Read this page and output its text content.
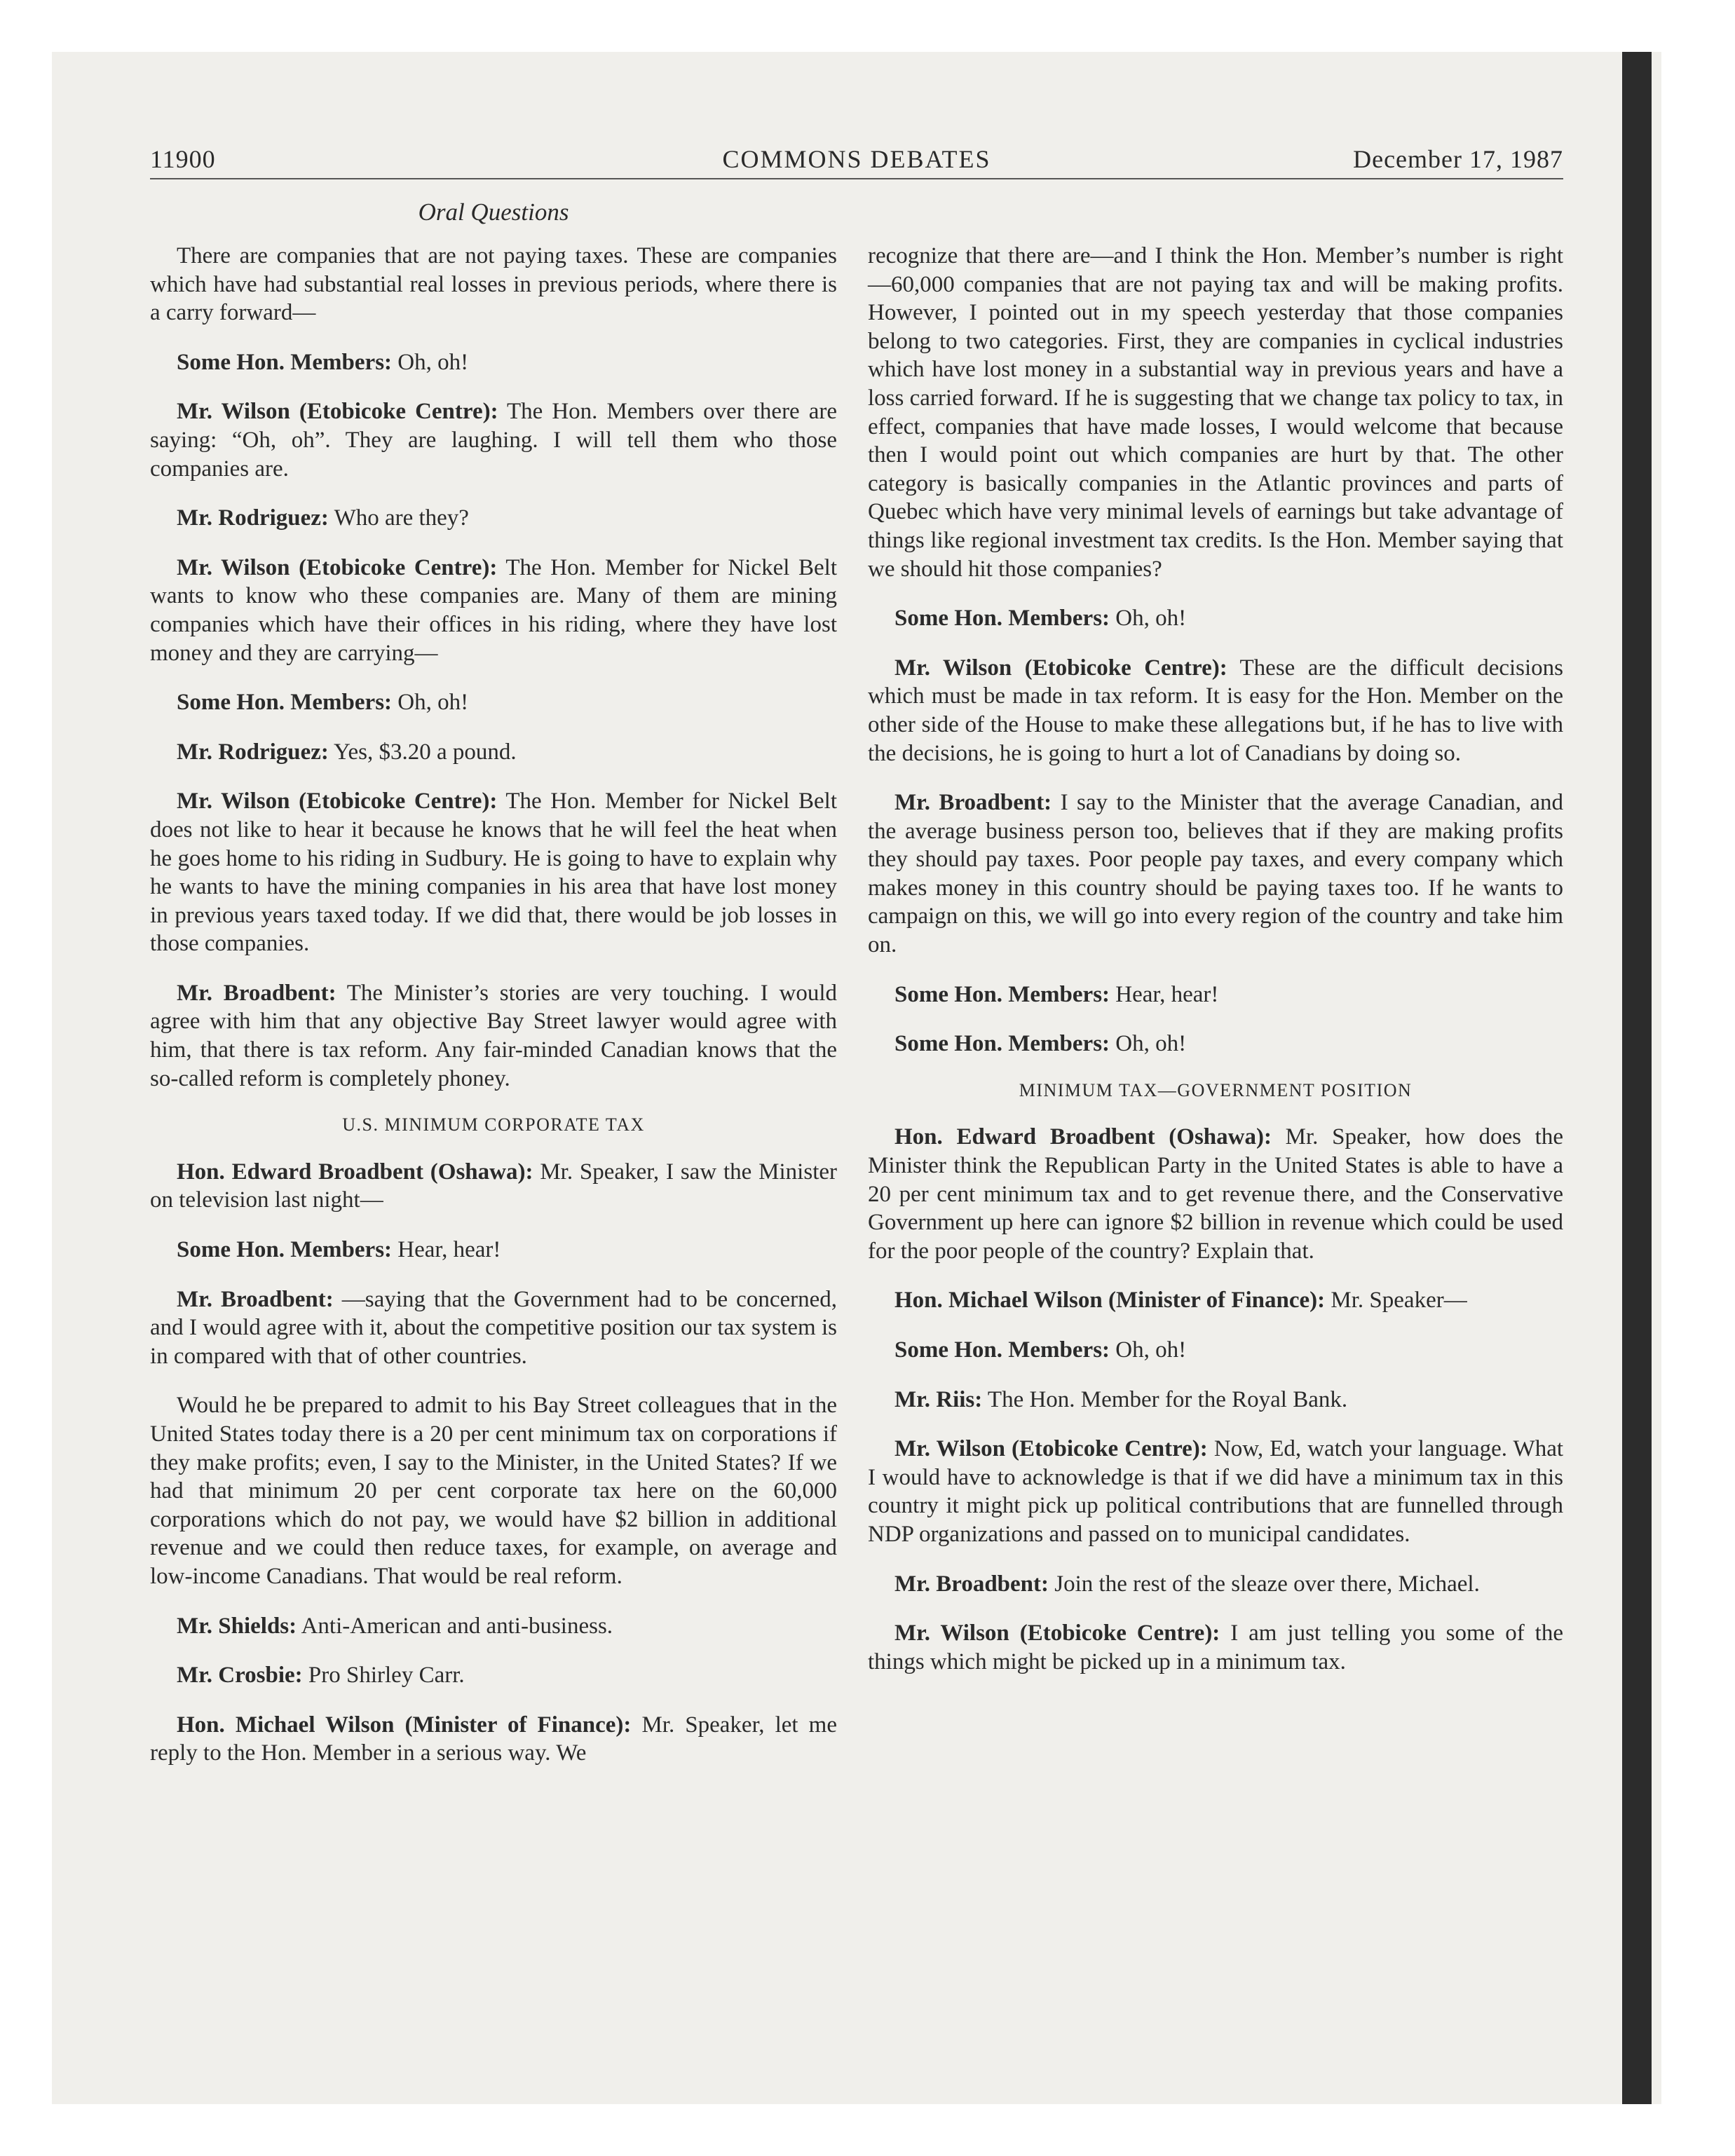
11900	COMMONS DEBATES	December 17, 1987
Oral Questions

There are companies that are not paying taxes. These are companies which have had substantial real losses in previous periods, where there is a carry forward—

Some Hon. Members: Oh, oh!

Mr. Wilson (Etobicoke Centre): The Hon. Members over there are saying: “Oh, oh”. They are laughing. I will tell them who those companies are.

Mr. Rodriguez: Who are they?

Mr. Wilson (Etobicoke Centre): The Hon. Member for Nickel Belt wants to know who these companies are. Many of them are mining companies which have their offices in his riding, where they have lost money and they are carrying—

Some Hon. Members: Oh, oh!

Mr. Rodriguez: Yes, $3.20 a pound.

Mr. Wilson (Etobicoke Centre): The Hon. Member for Nickel Belt does not like to hear it because he knows that he will feel the heat when he goes home to his riding in Sudbury. He is going to have to explain why he wants to have the mining companies in his area that have lost money in previous years taxed today. If we did that, there would be job losses in those companies.

Mr. Broadbent: The Minister’s stories are very touching. I would agree with him that any objective Bay Street lawyer would agree with him, that there is tax reform. Any fair-minded Canadian knows that the so-called reform is completely phoney.

U.S. MINIMUM CORPORATE TAX

Hon. Edward Broadbent (Oshawa): Mr. Speaker, I saw the Minister on television last night—

Some Hon. Members: Hear, hear!

Mr. Broadbent: —saying that the Government had to be concerned, and I would agree with it, about the competitive position our tax system is in compared with that of other countries.

Would he be prepared to admit to his Bay Street colleagues that in the United States today there is a 20 per cent minimum tax on corporations if they make profits; even, I say to the Minister, in the United States? If we had that minimum 20 per cent corporate tax here on the 60,000 corporations which do not pay, we would have $2 billion in additional revenue and we could then reduce taxes, for example, on average and low-income Canadians. That would be real reform.

Mr. Shields: Anti-American and anti-business.

Mr. Crosbie: Pro Shirley Carr.

Hon. Michael Wilson (Minister of Finance): Mr. Speaker, let me reply to the Hon. Member in a serious way. We

recognize that there are—and I think the Hon. Member’s number is right—60,000 companies that are not paying tax and will be making profits. However, I pointed out in my speech yesterday that those companies belong to two categories. First, they are companies in cyclical industries which have lost money in a substantial way in previous years and have a loss carried forward. If he is suggesting that we change tax policy to tax, in effect, companies that have made losses, I would welcome that because then I would point out which companies are hurt by that. The other category is basically companies in the Atlantic provinces and parts of Quebec which have very minimal levels of earnings but take advantage of things like regional investment tax credits. Is the Hon. Member saying that we should hit those companies?

Some Hon. Members: Oh, oh!

Mr. Wilson (Etobicoke Centre): These are the difficult decisions which must be made in tax reform. It is easy for the Hon. Member on the other side of the House to make these allegations but, if he has to live with the decisions, he is going to hurt a lot of Canadians by doing so.

Mr. Broadbent: I say to the Minister that the average Canadian, and the average business person too, believes that if they are making profits they should pay taxes. Poor people pay taxes, and every company which makes money in this country should be paying taxes too. If he wants to campaign on this, we will go into every region of the country and take him on.

Some Hon. Members: Hear, hear!

Some Hon. Members: Oh, oh!

MINIMUM TAX—GOVERNMENT POSITION

Hon. Edward Broadbent (Oshawa): Mr. Speaker, how does the Minister think the Republican Party in the United States is able to have a 20 per cent minimum tax and to get revenue there, and the Conservative Government up here can ignore $2 billion in revenue which could be used for the poor people of the country? Explain that.

Hon. Michael Wilson (Minister of Finance): Mr. Speaker—

Some Hon. Members: Oh, oh!

Mr. Riis: The Hon. Member for the Royal Bank.

Mr. Wilson (Etobicoke Centre): Now, Ed, watch your language. What I would have to acknowledge is that if we did have a minimum tax in this country it might pick up political contributions that are funnelled through NDP organizations and passed on to municipal candidates.

Mr. Broadbent: Join the rest of the sleaze over there, Michael.

Mr. Wilson (Etobicoke Centre): I am just telling you some of the things which might be picked up in a minimum tax.
